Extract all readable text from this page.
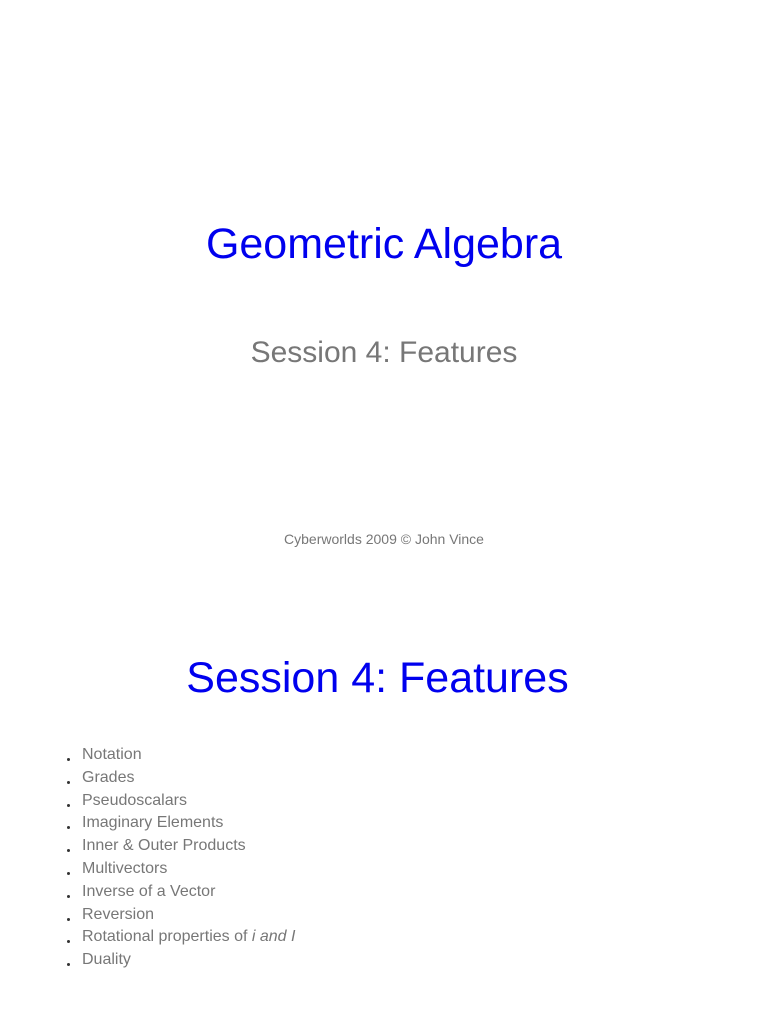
Geometric Algebra
Session 4: Features
Cyberworlds 2009 © John Vince
Session 4: Features
Notation
Grades
Pseudoscalars
Imaginary Elements
Inner & Outer Products
Multivectors
Inverse of a Vector
Reversion
Rotational properties of i and I
Duality
